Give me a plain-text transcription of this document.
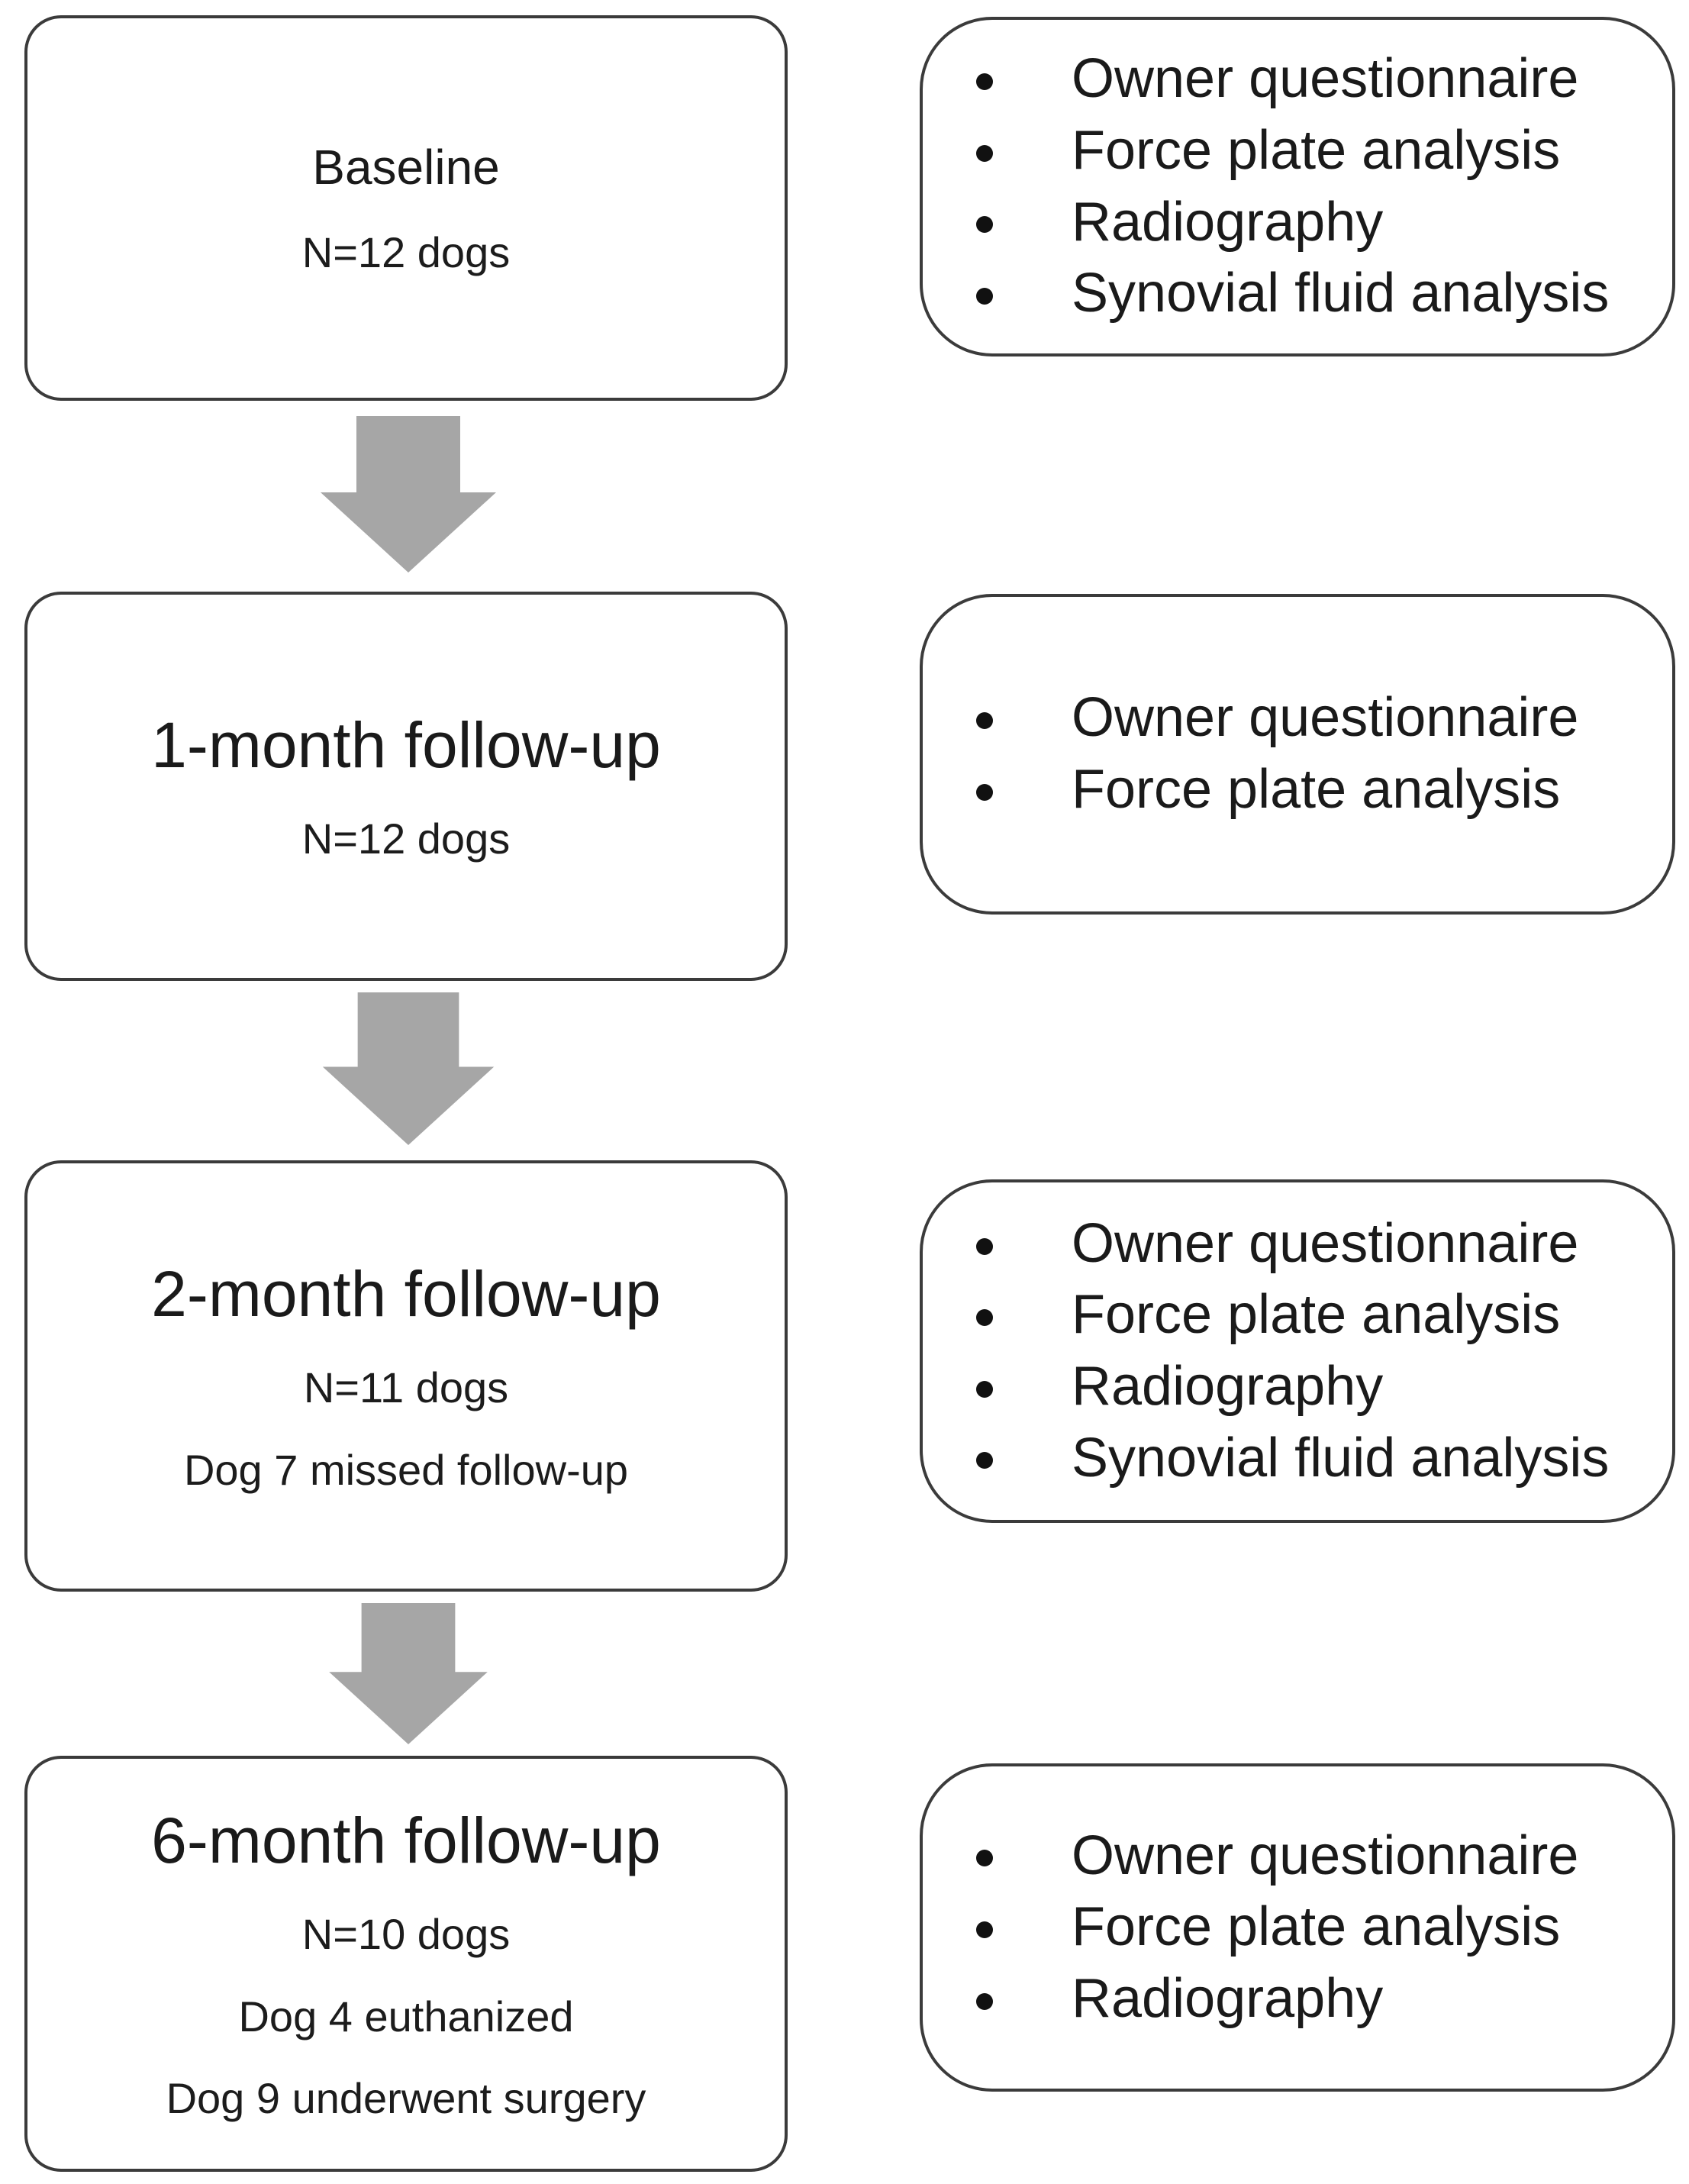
Baseline
N=12 dogs
Owner questionnaire
Force plate analysis
Radiography
Synovial fluid analysis
1-month follow-up
N=12 dogs
Owner questionnaire
Force plate analysis
2-month follow-up
N=11 dogs
Dog 7 missed follow-up
Owner questionnaire
Force plate analysis
Radiography
Synovial fluid analysis
6-month follow-up
N=10 dogs
Dog 4 euthanized
Dog 9 underwent surgery
Owner questionnaire
Force plate analysis
Radiography
